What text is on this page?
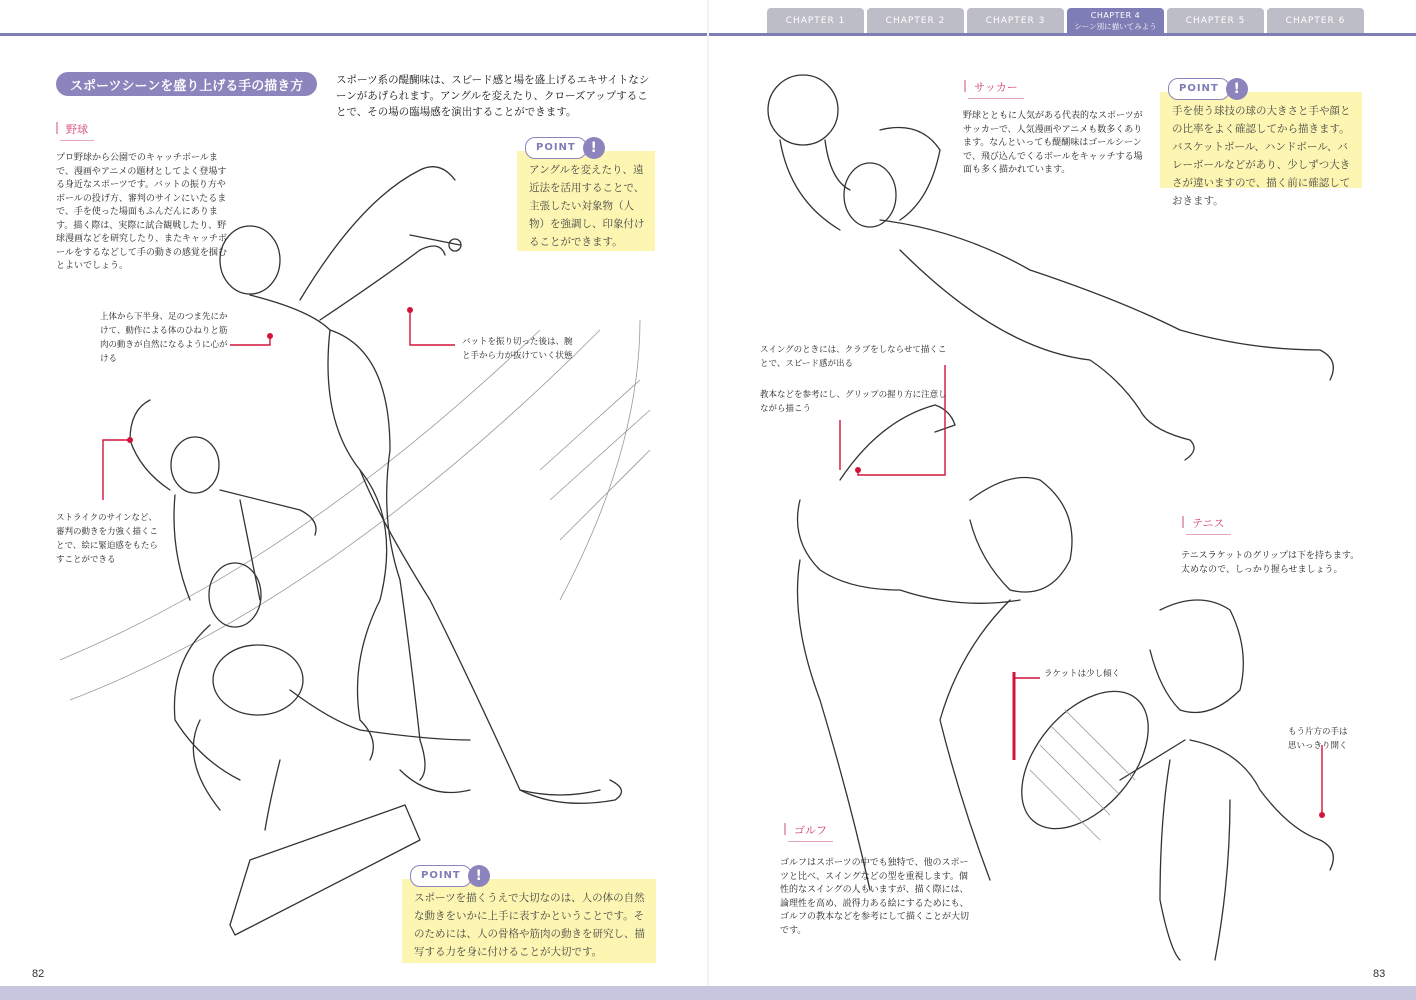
CHAPTER 1	CHAPTER 2	CHAPTER 3
CHAPTER 4
シーン別に描いてみよう
CHAPTER 5	CHAPTER 6
スポーツシーンを盛り上げる手の描き方	スポーツ系の醍醐味は、スピード感と場を盛上げるエキサイトなシーンがあげられます。アングルを変えたり、クローズアップすることで、その場の臨場感を演出することができます。
野球
プロ野球から公園でのキャッチボールまで、漫画やアニメの題材としてよく登場する身近なスポーツです。バットの振り方やボールの投げ方、審判のサインにいたるまで、手を使った場面もふんだんにあります。描く際は、実際に試合観戦したり、野球漫画などを研究したり、またキャッチボールをするなどして手の動きの感覚を掴むとよいでしょう。
上体から下半身、足のつま先にかけて、動作による体のひねりと筋肉の動きが自然になるように心がける
バットを振り切った後は、腕と手から力が抜けていく状態
ストライクのサインなど、審判の動きを力強く描くことで、絵に緊迫感をもたらすことができる
POINT	!
アングルを変えたり、遠近法を活用することで、主張したい対象物（人物）を強調し、印象付けることができます。
POINT	!
スポーツを描くうえで大切なのは、人の体の自然な動きをいかに上手に表すかということです。そのためには、人の骨格や筋肉の動きを研究し、描写する力を身に付けることが大切です。
サッカー
野球とともに人気がある代表的なスポーツがサッカーで、人気漫画やアニメも数多くあります。なんといっても醍醐味はゴールシーンで、飛び込んでくるボールをキャッチする場面も多く描かれています。
POINT	!
手を使う球技の球の大きさと手や顔との比率をよく確認してから描きます。バスケットボール、ハンドボール、バレーボールなどがあり、少しずつ大きさが違いますので、描く前に確認しておきます。
スイングのときには、クラブをしならせて描くことで、スピード感が出る
教本などを参考にし、グリップの握り方に注意しながら描こう
テニス
テニスラケットのグリップは下を持ちます。太めなので、しっかり握らせましょう。
ラケットは少し傾く
もう片方の手は思いっきり開く
ゴルフ
ゴルフはスポーツの中でも独特で、他のスポーツと比べ、スイングなどの型を重視します。個性的なスイングの人もいますが、描く際には、論理性を高め、説得力ある絵にするためにも、ゴルフの教本などを参考にして描くことが大切です。
82	83
